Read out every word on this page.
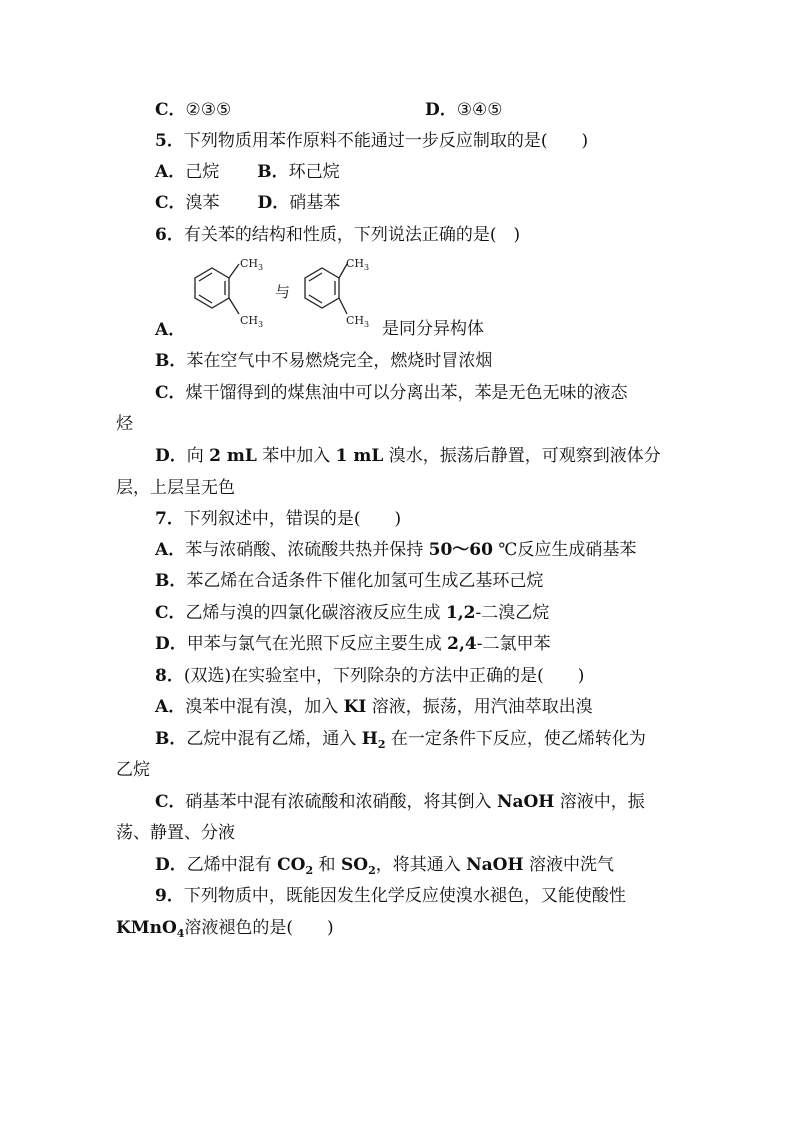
C．②③⑤	D．③④⑤
5．下列物质用苯作原料不能通过一步反应制取的是(　　)
A．己烷 B．环己烷
C．溴苯 D．硝基苯
6．有关苯的结构和性质，下列说法正确的是(　)
$CH_3$
$CH_3$
与
$CH_3$
$CH_3$
A．	是同分异构体
B．苯在空气中不易燃烧完全，燃烧时冒浓烟
C．煤干馏得到的煤焦油中可以分离出苯，苯是无色无味的液态
烃
D．向 2 mL 苯中加入 1 mL 溴水，振荡后静置，可观察到液体分
层，上层呈无色
7．下列叙述中，错误的是(　　)
A．苯与浓硝酸、浓硫酸共热并保持 50～60 ℃反应生成硝基苯
B．苯乙烯在合适条件下催化加氢可生成乙基环己烷
C．乙烯与溴的四氯化碳溶液反应生成 1,2-二溴乙烷
D．甲苯与氯气在光照下反应主要生成 2,4-二氯甲苯
8．(双选)在实验室中，下列除杂的方法中正确的是(　　)
A．溴苯中混有溴，加入 KI 溶液，振荡，用汽油萃取出溴
B．乙烷中混有乙烯，通入 $H_2$ 在一定条件下反应，使乙烯转化为
乙烷
C．硝基苯中混有浓硫酸和浓硝酸，将其倒入 NaOH 溶液中，振
荡、静置、分液
D．乙烯中混有 $CO_2$ 和 $SO_2$，将其通入 NaOH 溶液中洗气
9．下列物质中，既能因发生化学反应使溴水褪色，又能使酸性
KMnO$_4$溶液褪色的是(　　)
